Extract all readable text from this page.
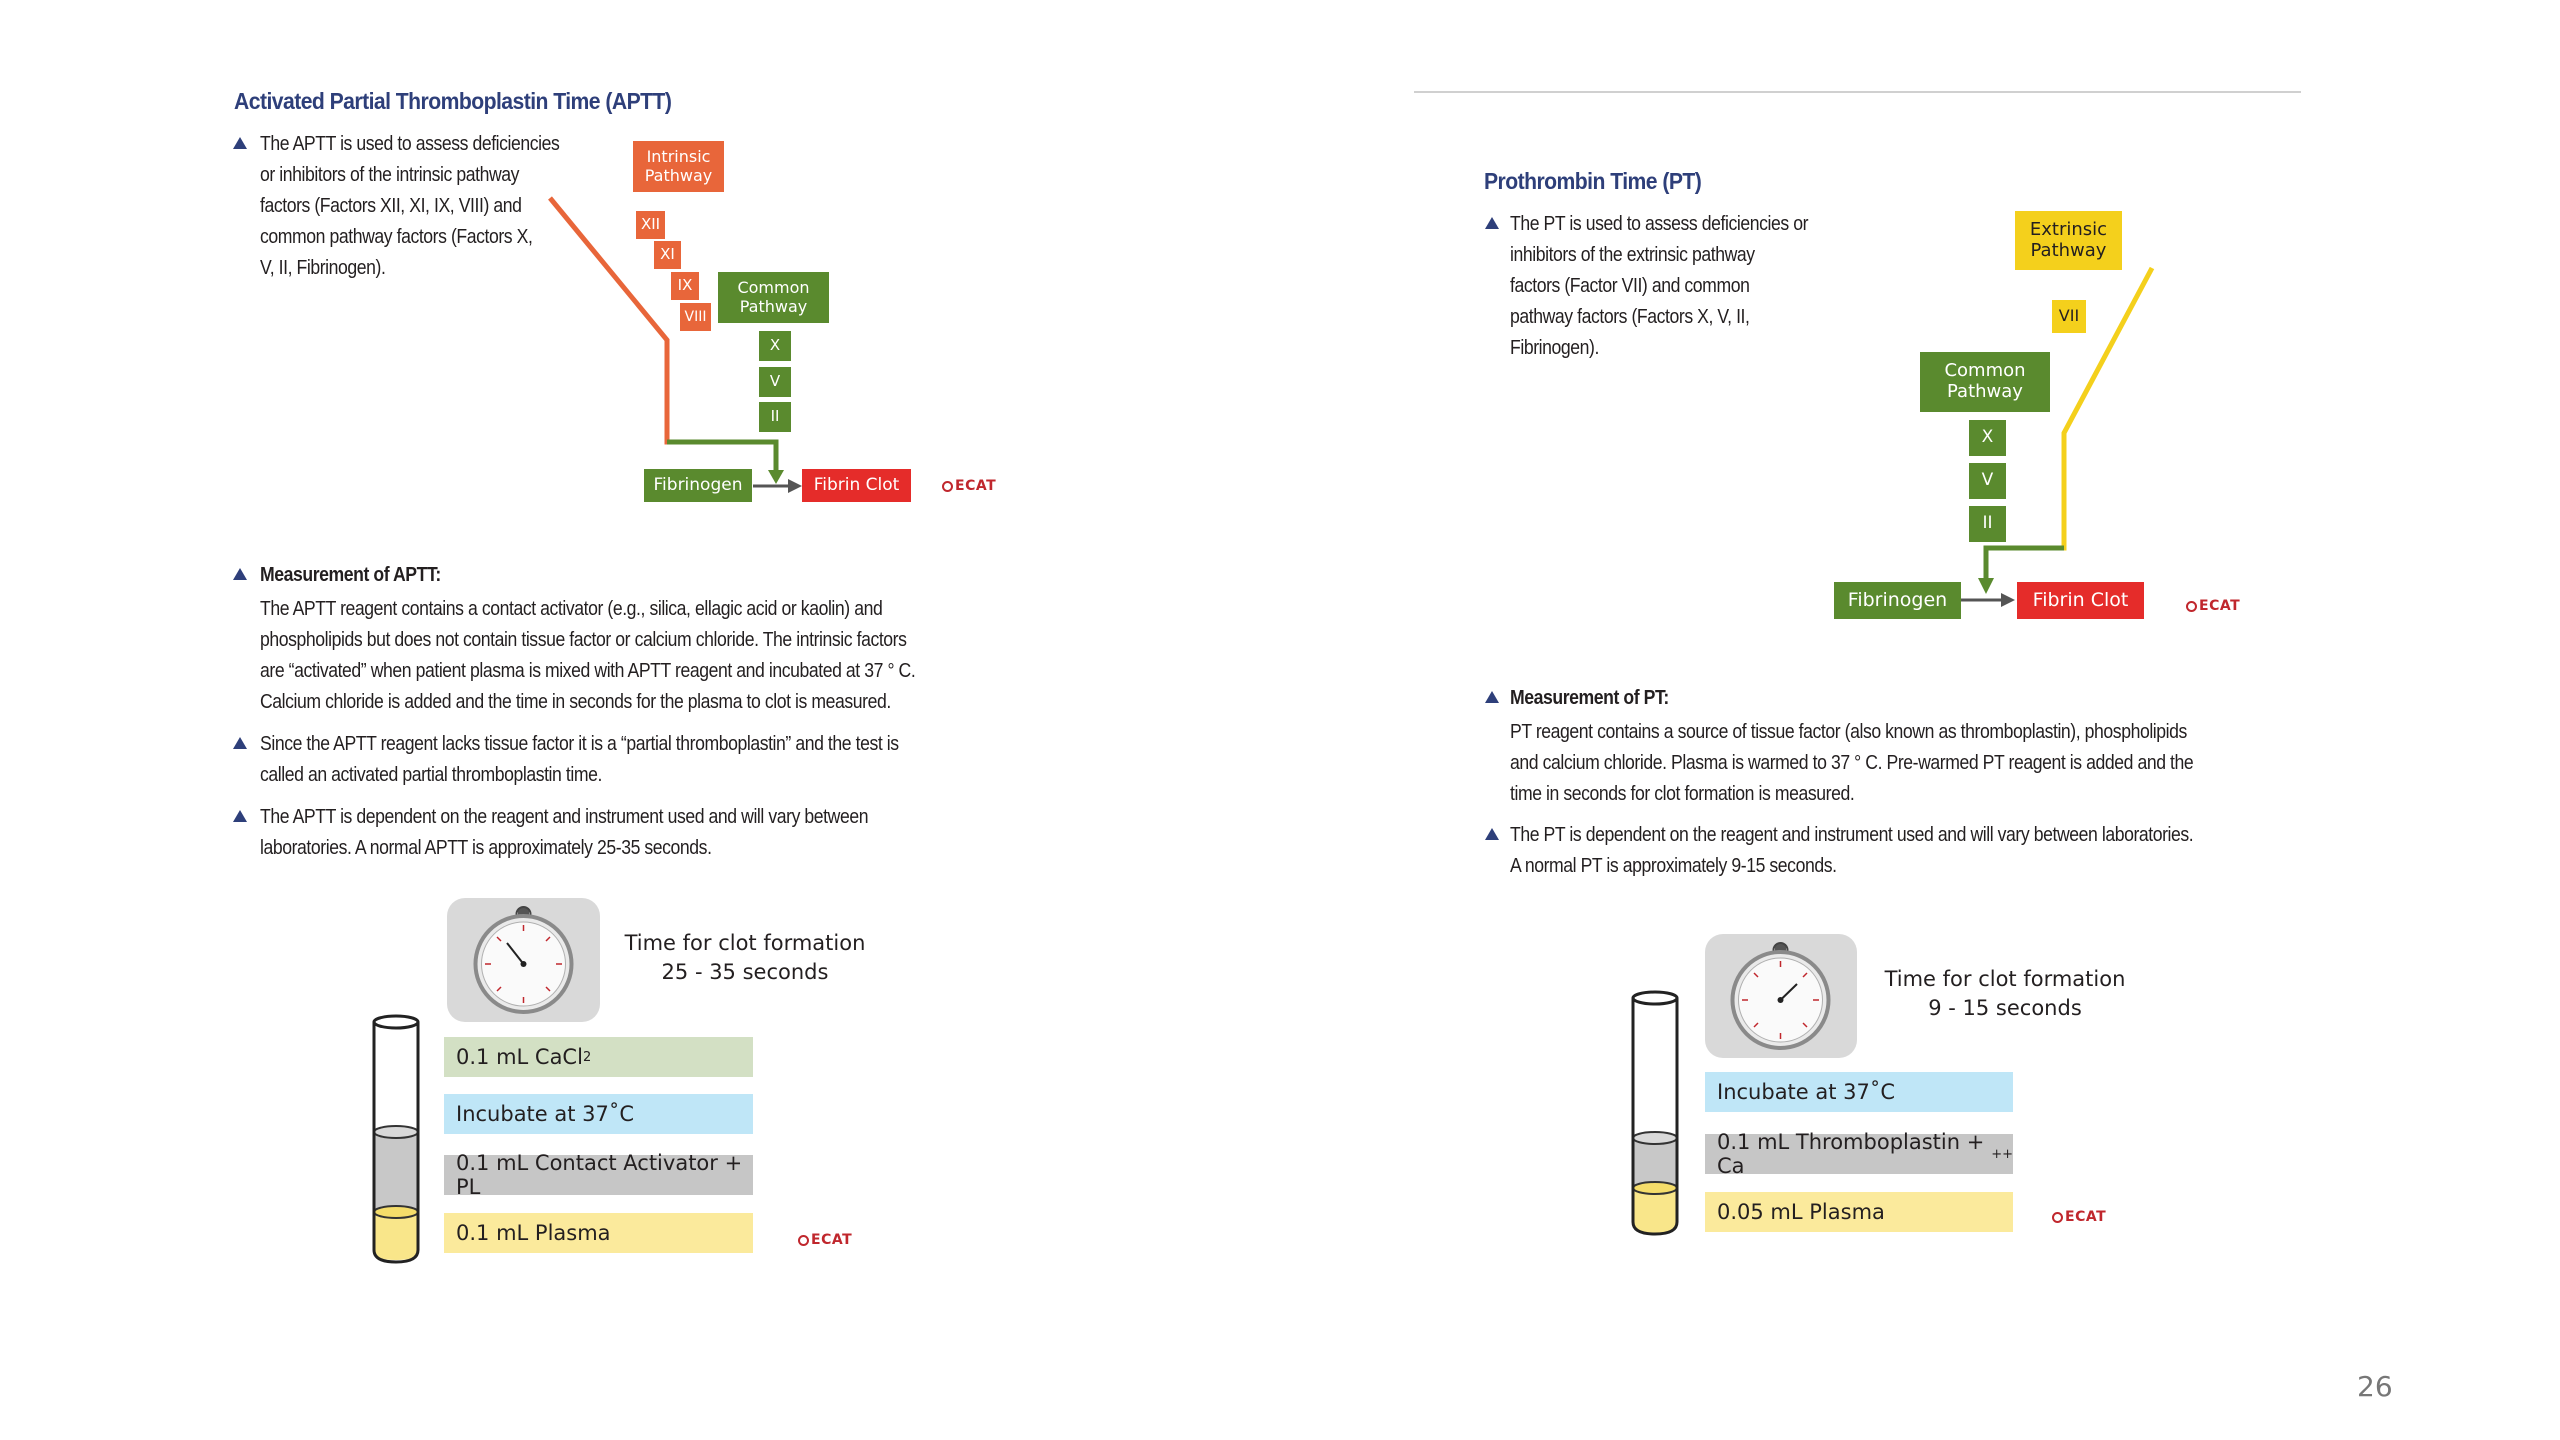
Activated Partial Thromboplastin Time (APTT)
The APTT is used to assess deficiencies
or inhibitors of the intrinsic pathway
factors (Factors XII, XI, IX, VIII) and
common pathway factors (Factors X,
V, II, Fibrinogen).
Intrinsic Pathway
XII
XI
IX
VIII
Common Pathway
X
V
II
Fibrinogen	Fibrin Clot	ECAT
Measurement of APTT:
The APTT reagent contains a contact activator (e.g., silica, ellagic acid or kaolin) and
phospholipids but does not contain tissue factor or calcium chloride. The intrinsic factors
are “activated” when patient plasma is mixed with APTT reagent and incubated at 37 ° C.
Calcium chloride is added and the time in seconds for the plasma to clot is measured.
Since the APTT reagent lacks tissue factor it is a “partial thromboplastin” and the test is
called an activated partial thromboplastin time.
The APTT is dependent on the reagent and instrument used and will vary between
laboratories. A normal APTT is approximately 25-35 seconds.
Time for clot formation
25 - 35 seconds
0.1 mL CaCl 2
Incubate at 37˚C
0.1 mL Contact Activator + PL
0.1 mL Plasma	ECAT
Prothrombin Time (PT)
The PT is used to assess deficiencies or
inhibitors of the extrinsic pathway
factors (Factor VII) and common
pathway factors (Factors X, V, II,
Fibrinogen).
Extrinsic Pathway
VII
Common Pathway
X
V
II
Fibrinogen	Fibrin Clot	ECAT
Measurement of PT:
PT reagent contains a source of tissue factor (also known as thromboplastin), phospholipids
and calcium chloride. Plasma is warmed to 37 ° C. Pre-warmed PT reagent is added and the
time in seconds for clot formation is measured.
The PT is dependent on the reagent and instrument used and will vary between laboratories.
A normal PT is approximately 9-15 seconds.
Time for clot formation
9 - 15 seconds
Incubate at 37˚C
0.1 mL Thromboplastin + Ca	++
0.05 mL Plasma	ECAT
26
